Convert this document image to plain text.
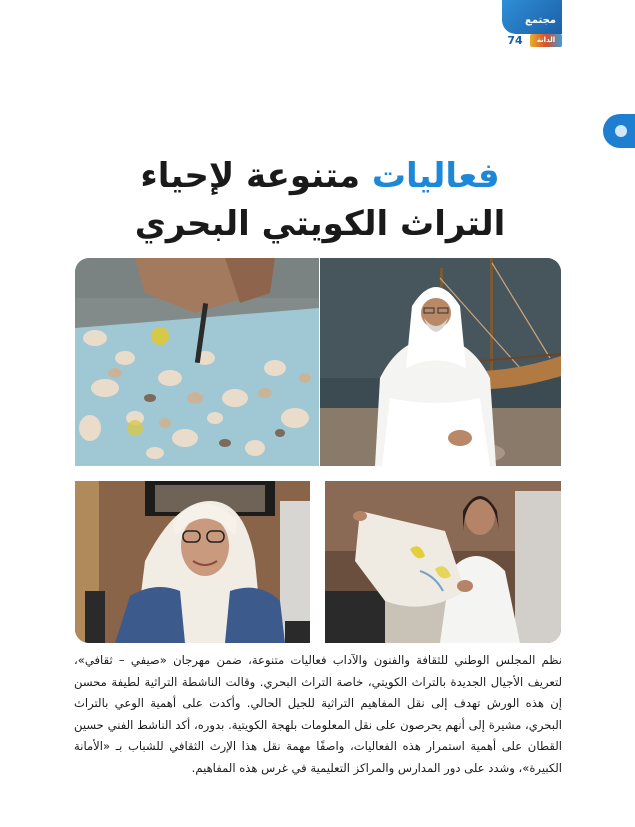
مجتمع
74	الدانة
فعاليات متنوعة لإحياء
التراث الكويتي البحري
نظم المجلس الوطني للثقافة والفنون والآداب فعاليات متنوعة، ضمن مهرجان «صيفي – ثقافي»، لتعريف الأجيال الجديدة بالتراث الكويتي، خاصة التراث البحري. وقالت الناشطة التراثية لطيفة محسن إن هذه الورش تهدف إلى نقل المفاهيم التراثية للجيل الحالي. وأكدت على أهمية الوعي بالتراث البحري، مشيرة إلى أنهم يحرصون على نقل المعلومات بلهجة الكويتية. بدوره، أكد الناشط الفني حسين القطان على أهمية استمرار هذه الفعاليات، واصفًا مهمة نقل هذا الإرث الثقافي للشباب بـ «الأمانة الكبيرة»، وشدد على دور المدارس والمراكز التعليمية في غرس هذه المفاهيم.
